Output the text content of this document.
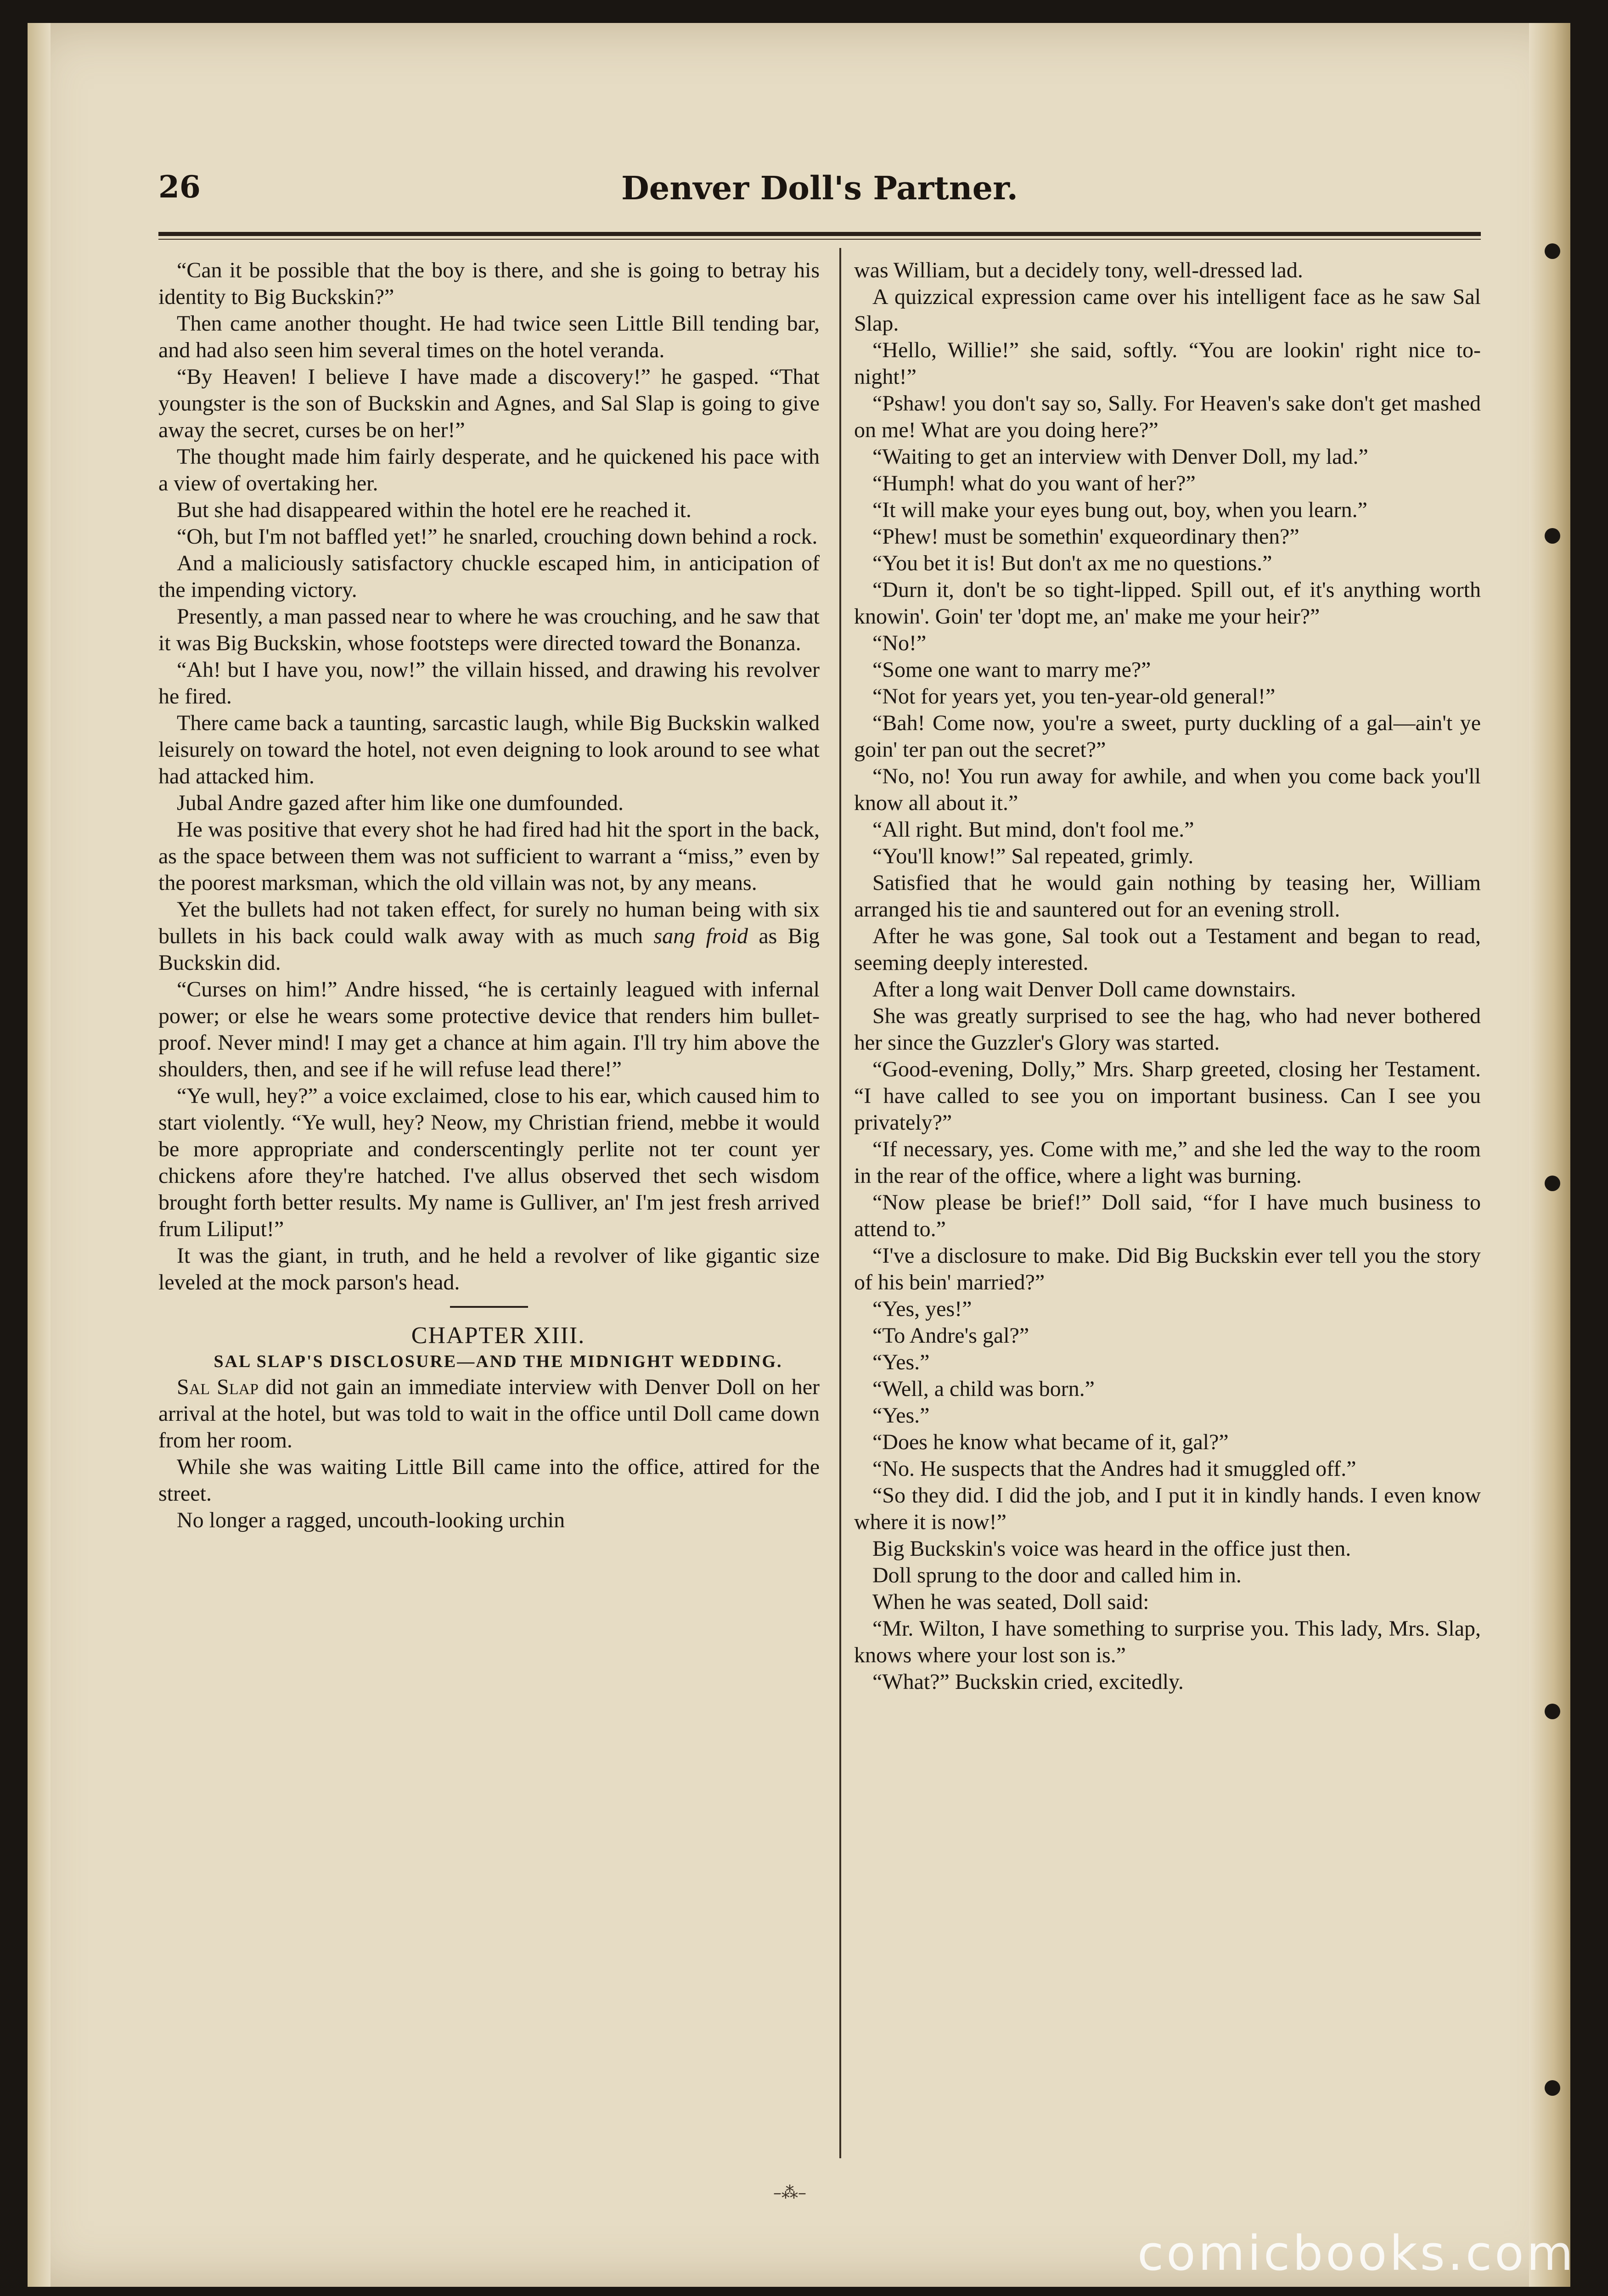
26	Denver Doll's Partner.

“Can it be possible that the boy is there, and she is going to betray his identity to Big Buckskin?”

Then came another thought. He had twice seen Little Bill tending bar, and had also seen him several times on the hotel veranda.

“By Heaven! I believe I have made a discovery!” he gasped. “That youngster is the son of Buckskin and Agnes, and Sal Slap is going to give away the secret, curses be on her!”

The thought made him fairly desperate, and he quickened his pace with a view of overtaking her.

But she had disappeared within the hotel ere he reached it.

“Oh, but I'm not baffled yet!” he snarled, crouching down behind a rock.

And a maliciously satisfactory chuckle escaped him, in anticipation of the impending victory.

Presently, a man passed near to where he was crouching, and he saw that it was Big Buckskin, whose footsteps were directed toward the Bonanza.

“Ah! but I have you, now!” the villain hissed, and drawing his revolver he fired.

There came back a taunting, sarcastic laugh, while Big Buckskin walked leisurely on toward the hotel, not even deigning to look around to see what had attacked him.

Jubal Andre gazed after him like one dumfounded.

He was positive that every shot he had fired had hit the sport in the back, as the space between them was not sufficient to warrant a “miss,” even by the poorest marksman, which the old villain was not, by any means.

Yet the bullets had not taken effect, for surely no human being with six bullets in his back could walk away with as much sang froid as Big Buckskin did.

“Curses on him!” Andre hissed, “he is certainly leagued with infernal power; or else he wears some protective device that renders him bullet-proof. Never mind! I may get a chance at him again. I'll try him above the shoulders, then, and see if he will refuse lead there!”

“Ye wull, hey?” a voice exclaimed, close to his ear, which caused him to start violently. “Ye wull, hey? Neow, my Christian friend, mebbe it would be more appropriate and conderscentingly perlite not ter count yer chickens afore they're hatched. I've allus observed thet sech wisdom brought forth better results. My name is Gulliver, an' I'm jest fresh arrived frum Liliput!”

It was the giant, in truth, and he held a revolver of like gigantic size leveled at the mock parson's head.

CHAPTER XIII.

SAL SLAP'S DISCLOSURE—AND THE MIDNIGHT WEDDING.

Sal Slap did not gain an immediate interview with Denver Doll on her arrival at the hotel, but was told to wait in the office until Doll came down from her room.

While she was waiting Little Bill came into the office, attired for the street.

No longer a ragged, uncouth-looking urchin

was William, but a decidely tony, well-dressed lad.

A quizzical expression came over his intelligent face as he saw Sal Slap.

“Hello, Willie!” she said, softly. “You are lookin' right nice to-night!”

“Pshaw! you don't say so, Sally. For Heaven's sake don't get mashed on me! What are you doing here?”

“Waiting to get an interview with Denver Doll, my lad.”

“Humph! what do you want of her?”

“It will make your eyes bung out, boy, when you learn.”

“Phew! must be somethin' exqueordinary then?”

“You bet it is! But don't ax me no questions.”

“Durn it, don't be so tight-lipped. Spill out, ef it's anything worth knowin'. Goin' ter 'dopt me, an' make me your heir?”

“No!”

“Some one want to marry me?”

“Not for years yet, you ten-year-old general!”

“Bah! Come now, you're a sweet, purty duckling of a gal—ain't ye goin' ter pan out the secret?”

“No, no! You run away for awhile, and when you come back you'll know all about it.”

“All right. But mind, don't fool me.”

“You'll know!” Sal repeated, grimly.

Satisfied that he would gain nothing by teasing her, William arranged his tie and sauntered out for an evening stroll.

After he was gone, Sal took out a Testament and began to read, seeming deeply interested.

After a long wait Denver Doll came downstairs.

She was greatly surprised to see the hag, who had never bothered her since the Guzzler's Glory was started.

“Good-evening, Dolly,” Mrs. Sharp greeted, closing her Testament. “I have called to see you on important business. Can I see you privately?”

“If necessary, yes. Come with me,” and she led the way to the room in the rear of the office, where a light was burning.

“Now please be brief!” Doll said, “for I have much business to attend to.”

“I've a disclosure to make. Did Big Buckskin ever tell you the story of his bein' married?”

“Yes, yes!”

“To Andre's gal?”

“Yes.”

“Well, a child was born.”

“Yes.”

“Does he know what became of it, gal?”

“No. He suspects that the Andres had it smuggled off.”

“So they did. I did the job, and I put it in kindly hands. I even know where it is now!”

Big Buckskin's voice was heard in the office just then.

Doll sprung to the door and called him in.

When he was seated, Doll said:

“Mr. Wilton, I have something to surprise you. This lady, Mrs. Slap, knows where your lost son is.”

“What?” Buckskin cried, excitedly.

–⁂–
comicbooks.com
